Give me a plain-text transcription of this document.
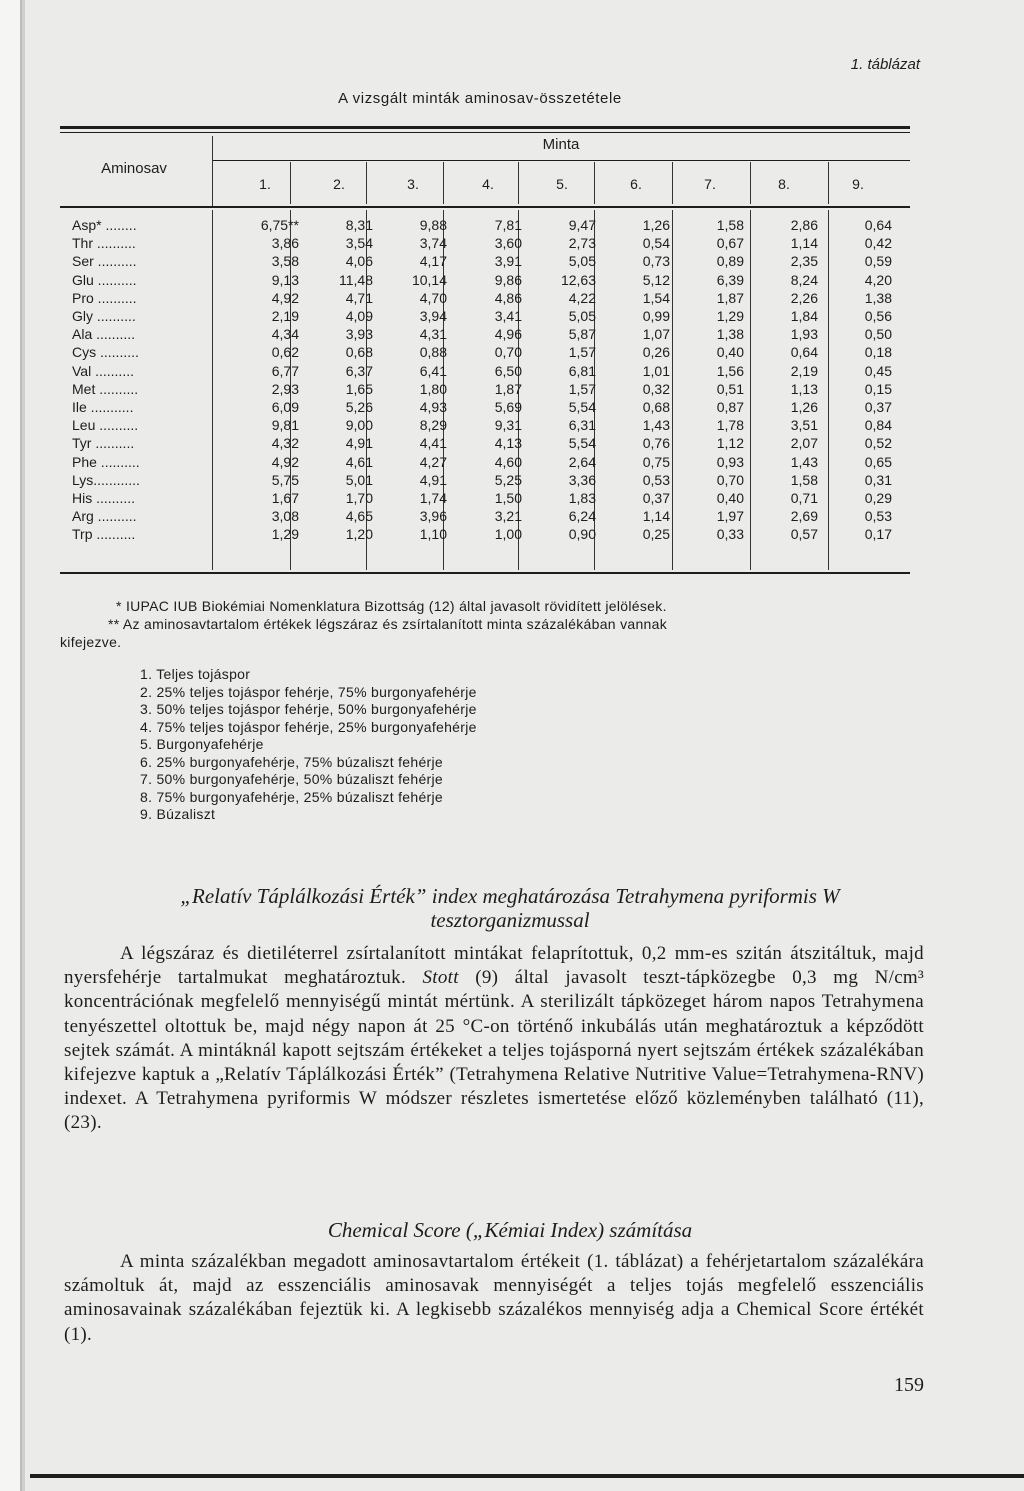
1. táblázat
A vizsgált minták aminosav-összetétele
Aminosav
Minta
1.	2.	3.	4.	5.	6.	7.	8.	9.
Asp* ........	6,75**	8,31	9,88	7,81	9,47	1,26	1,58	2,86	0,64
Thr ..........	3,86	3,54	3,74	3,60	2,73	0,54	0,67	1,14	0,42
Ser ..........	3,58	4,06	4,17	3,91	5,05	0,73	0,89	2,35	0,59
Glu ..........	9,13	11,48	10,14	9,86	12,63	5,12	6,39	8,24	4,20
Pro ..........	4,92	4,71	4,70	4,86	4,22	1,54	1,87	2,26	1,38
Gly ..........	2,19	4,09	3,94	3,41	5,05	0,99	1,29	1,84	0,56
Ala ..........	4,34	3,93	4,31	4,96	5,87	1,07	1,38	1,93	0,50
Cys ..........	0,62	0,68	0,88	0,70	1,57	0,26	0,40	0,64	0,18
Val ..........	6,77	6,37	6,41	6,50	6,81	1,01	1,56	2,19	0,45
Met ..........	2,93	1,65	1,80	1,87	1,57	0,32	0,51	1,13	0,15
Ile ...........	6,09	5,26	4,93	5,69	5,54	0,68	0,87	1,26	0,37
Leu ..........	9,81	9,00	8,29	9,31	6,31	1,43	1,78	3,51	0,84
Tyr ..........	4,32	4,91	4,41	4,13	5,54	0,76	1,12	2,07	0,52
Phe ..........	4,92	4,61	4,27	4,60	2,64	0,75	0,93	1,43	0,65
Lys............	5,75	5,01	4,91	5,25	3,36	0,53	0,70	1,58	0,31
His ..........	1,67	1,70	1,74	1,50	1,83	0,37	0,40	0,71	0,29
Arg ..........	3,08	4,65	3,96	3,21	6,24	1,14	1,97	2,69	0,53
Trp ..........	1,29	1,20	1,10	1,00	0,90	0,25	0,33	0,57	0,17
* IUPAC IUB Biokémiai Nomenklatura Bizottság (12) által javasolt rövidített jelölések.
** Az aminosavtartalom értékek légszáraz és zsírtalanított minta százalékában vannak
kifejezve.
1. Teljes tojáspor
2. 25% teljes tojáspor fehérje, 75% burgonyafehérje
3. 50% teljes tojáspor fehérje, 50% burgonyafehérje
4. 75% teljes tojáspor fehérje, 25% burgonyafehérje
5. Burgonyafehérje
6. 25% burgonyafehérje, 75% búzaliszt fehérje
7. 50% burgonyafehérje, 50% búzaliszt fehérje
8. 75% burgonyafehérje, 25% búzaliszt fehérje
9. Búzaliszt
„Relatív Táplálkozási Érték” index meghatározása Tetrahymena pyriformis W
tesztorganizmussal
A légszáraz és dietiléterrel zsírtalanított mintákat felaprítottuk, 0,2 mm-es szitán átszitáltuk, majd nyersfehérje tartalmukat meghatároztuk. Stott (9) által javasolt teszt-tápközegbe 0,3 mg N/cm³ koncentrációnak megfelelő mennyiségű mintát mértünk. A sterilizált tápközeget három napos Tetrahymena tenyészettel oltottuk be, majd négy napon át 25 °C-on történő inkubálás után meghatároztuk a képződött sejtek számát. A mintáknál kapott sejtszám értékeket a teljes tojásporná nyert sejtszám értékek százalékában kifejezve kaptuk a „Relatív Táplálkozási Érték” (Tetrahymena Relative Nutritive Value=Tetrahymena-RNV) indexet. A Tetrahymena pyriformis W módszer részletes ismertetése előző közleményben található (11), (23).
Chemical Score („Kémiai Index) számítása
A minta százalékban megadott aminosavtartalom értékeit (1. táblázat) a fehérjetartalom százalékára számoltuk át, majd az esszenciális aminosavak mennyiségét a teljes tojás megfelelő esszenciális aminosavainak százalékában fejeztük ki. A legkisebb százalékos mennyiség adja a Chemical Score értékét (1).
159
